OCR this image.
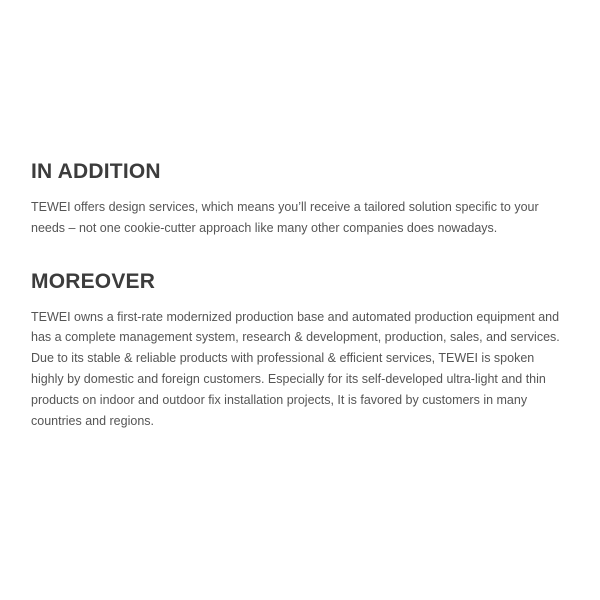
IN ADDITION

TEWEI offers design services, which means you’ll receive a tailored solution specific to your needs – not one cookie-cutter approach like many other companies does nowadays.

MOREOVER

TEWEI owns a first-rate modernized production base and automated production equipment and has a complete management system, research & development, production, sales, and services. Due to its stable & reliable products with professional & efficient services, TEWEI is spoken highly by domestic and foreign customers. Especially for its self-developed ultra-light and thin products on indoor and outdoor fix installation projects, It is favored by customers in many countries and regions.
